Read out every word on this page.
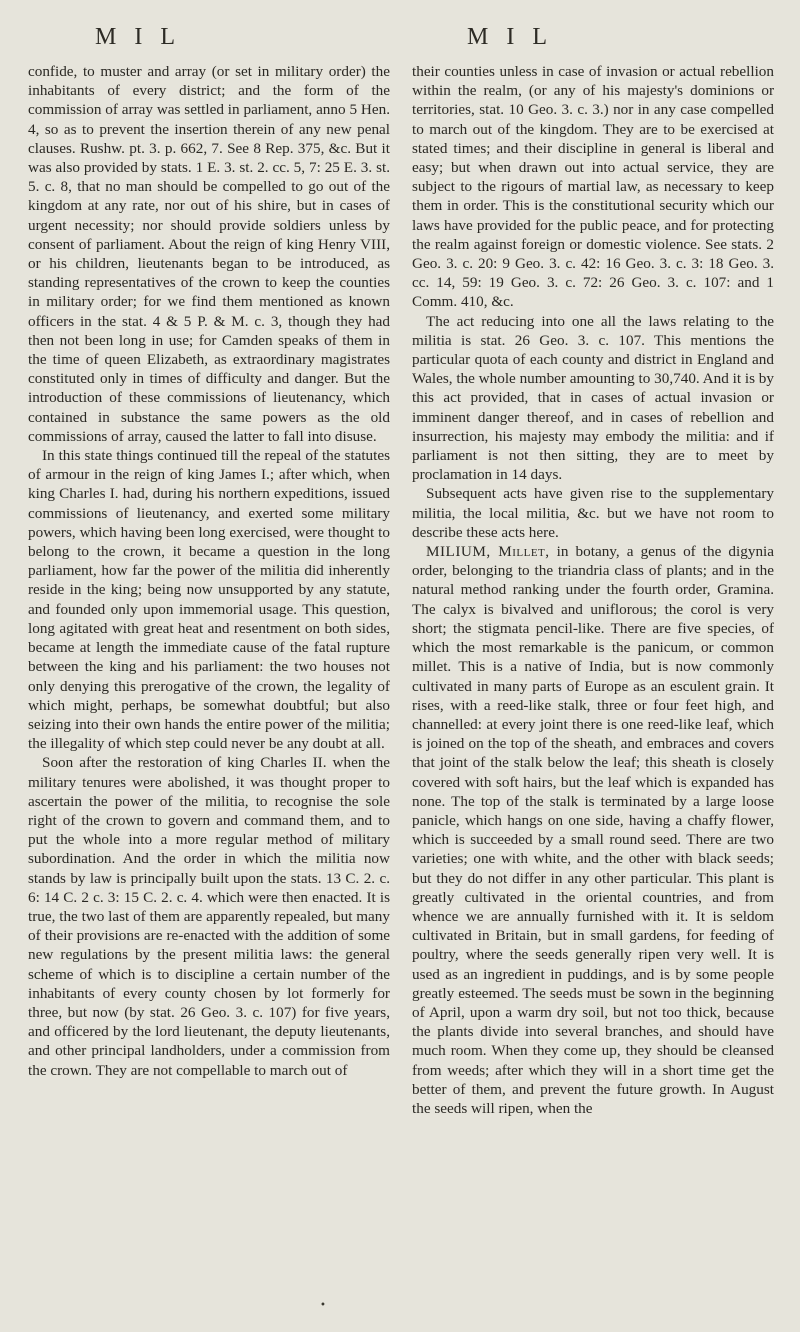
M I L	M I L

confide, to muster and array (or set in military order) the inhabitants of every district; and the form of the commission of array was settled in parliament, anno 5 Hen. 4, so as to prevent the insertion therein of any new penal clauses. Rushw. pt. 3. p. 662, 7. See 8 Rep. 375, &c. But it was also provided by stats. 1 E. 3. st. 2. cc. 5, 7: 25 E. 3. st. 5. c. 8, that no man should be compelled to go out of the kingdom at any rate, nor out of his shire, but in cases of urgent necessity; nor should provide soldiers unless by consent of parliament. About the reign of king Henry VIII, or his children, lieutenants began to be introduced, as standing representatives of the crown to keep the counties in military order; for we find them mentioned as known officers in the stat. 4 & 5 P. & M. c. 3, though they had then not been long in use; for Camden speaks of them in the time of queen Elizabeth, as extraordinary magistrates constituted only in times of difficulty and danger. But the introduction of these commissions of lieutenancy, which contained in substance the same powers as the old commissions of array, caused the latter to fall into disuse.

In this state things continued till the repeal of the statutes of armour in the reign of king James I.; after which, when king Charles I. had, during his northern expeditions, issued commissions of lieutenancy, and exerted some military powers, which having been long exercised, were thought to belong to the crown, it became a question in the long parliament, how far the power of the militia did inherently reside in the king; being now unsupported by any statute, and founded only upon immemorial usage. This question, long agitated with great heat and resentment on both sides, became at length the immediate cause of the fatal rupture between the king and his parliament: the two houses not only denying this prerogative of the crown, the legality of which might, perhaps, be somewhat doubtful; but also seizing into their own hands the entire power of the militia; the illegality of which step could never be any doubt at all.

Soon after the restoration of king Charles II. when the military tenures were abolished, it was thought proper to ascertain the power of the militia, to recognise the sole right of the crown to govern and command them, and to put the whole into a more regular method of military subordination. And the order in which the militia now stands by law is principally built upon the stats. 13 C. 2. c. 6: 14 C. 2 c. 3: 15 C. 2. c. 4. which were then enacted. It is true, the two last of them are apparently repealed, but many of their provisions are re-enacted with the addition of some new regulations by the present militia laws: the general scheme of which is to discipline a certain number of the inhabitants of every county chosen by lot formerly for three, but now (by stat. 26 Geo. 3. c. 107) for five years, and officered by the lord lieutenant, the deputy lieutenants, and other principal landholders, under a commission from the crown. They are not compellable to march out of

their counties unless in case of invasion or actual rebellion within the realm, (or any of his majesty's dominions or territories, stat. 10 Geo. 3. c. 3.) nor in any case compelled to march out of the kingdom. They are to be exercised at stated times; and their discipline in general is liberal and easy; but when drawn out into actual service, they are subject to the rigours of martial law, as necessary to keep them in order. This is the constitutional security which our laws have provided for the public peace, and for protecting the realm against foreign or domestic violence. See stats. 2 Geo. 3. c. 20: 9 Geo. 3. c. 42: 16 Geo. 3. c. 3: 18 Geo. 3. cc. 14, 59: 19 Geo. 3. c. 72: 26 Geo. 3. c. 107: and 1 Comm. 410, &c.

The act reducing into one all the laws relating to the militia is stat. 26 Geo. 3. c. 107. This mentions the particular quota of each county and district in England and Wales, the whole number amounting to 30,740. And it is by this act provided, that in cases of actual invasion or imminent danger thereof, and in cases of rebellion and insurrection, his majesty may embody the militia: and if parliament is not then sitting, they are to meet by proclamation in 14 days.

Subsequent acts have given rise to the supplementary militia, the local militia, &c. but we have not room to describe these acts here.

MILIUM, Millet, in botany, a genus of the digynia order, belonging to the triandria class of plants; and in the natural method ranking under the fourth order, Gramina. The calyx is bivalved and uniflorous; the corol is very short; the stigmata pencil-like. There are five species, of which the most remarkable is the panicum, or common millet. This is a native of India, but is now commonly cultivated in many parts of Europe as an esculent grain. It rises, with a reed-like stalk, three or four feet high, and channelled: at every joint there is one reed-like leaf, which is joined on the top of the sheath, and embraces and covers that joint of the stalk below the leaf; this sheath is closely covered with soft hairs, but the leaf which is expanded has none. The top of the stalk is terminated by a large loose panicle, which hangs on one side, having a chaffy flower, which is succeeded by a small round seed. There are two varieties; one with white, and the other with black seeds; but they do not differ in any other particular. This plant is greatly cultivated in the oriental countries, and from whence we are annually furnished with it. It is seldom cultivated in Britain, but in small gardens, for feeding of poultry, where the seeds generally ripen very well. It is used as an ingredient in puddings, and is by some people greatly esteemed. The seeds must be sown in the beginning of April, upon a warm dry soil, but not too thick, because the plants divide into several branches, and should have much room. When they come up, they should be cleansed from weeds; after which they will in a short time get the better of them, and prevent the future growth. In August the seeds will ripen, when the

•
